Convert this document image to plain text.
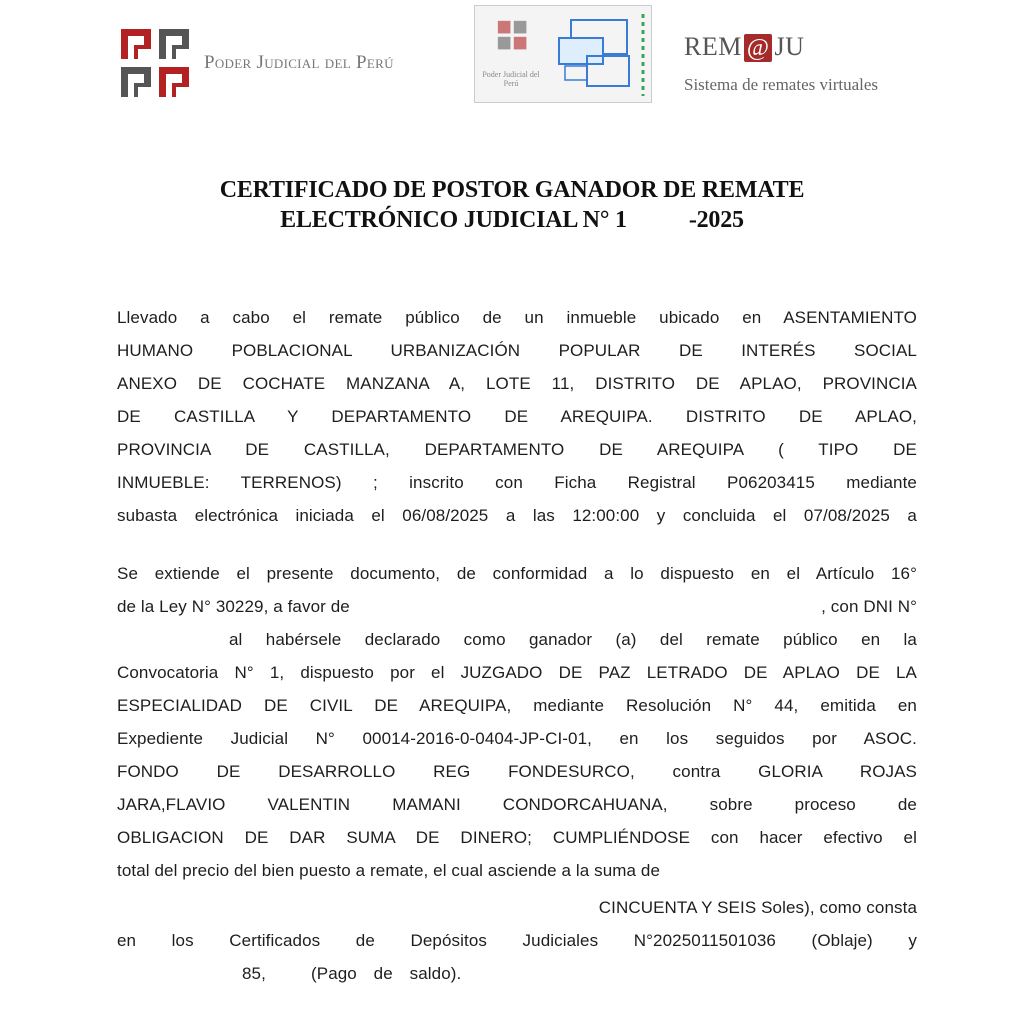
Poder Judicial del Perú
Poder Judicial del Perú
REM @ JU
Sistema de remates virtuales
CERTIFICADO DE POSTOR GANADOR DE REMATE
ELECTRÓNICO JUDICIAL N° 1	-2025
Llevado a cabo el remate público de un inmueble ubicado en ASENTAMIENTO
HUMANO POBLACIONAL URBANIZACIÓN POPULAR DE INTERÉS SOCIAL
ANEXO DE COCHATE MANZANA A, LOTE 11, DISTRITO DE APLAO, PROVINCIA
DE CASTILLA Y DEPARTAMENTO DE AREQUIPA. DISTRITO DE APLAO,
PROVINCIA DE CASTILLA, DEPARTAMENTO DE AREQUIPA ( TIPO DE
INMUEBLE: TERRENOS) ; inscrito con Ficha Registral P06203415 mediante
subasta electrónica iniciada el 06/08/2025 a las 12:00:00 y concluida el 07/08/2025 a
Se extiende el presente documento, de conformidad a lo dispuesto en el Artículo 16°
de la Ley N° 30229, a favor de	, con DNI N°
al habérsele declarado como ganador (a) del remate público en la
Convocatoria N° 1, dispuesto por el JUZGADO DE PAZ LETRADO DE APLAO DE LA
ESPECIALIDAD DE CIVIL DE AREQUIPA, mediante Resolución N° 44, emitida en
Expediente Judicial N° 00014-2016-0-0404-JP-CI-01, en los seguidos por ASOC.
FONDO DE DESARROLLO REG FONDESURCO, contra GLORIA ROJAS
JARA,FLAVIO VALENTIN MAMANI CONDORCAHUANA, sobre proceso de
OBLIGACION DE DAR SUMA DE DINERO; CUMPLIÉNDOSE con hacer efectivo el
total del precio del bien puesto a remate, el cual asciende a la suma de
CINCUENTA Y SEIS Soles), como consta
en los Certificados de Depósitos Judiciales N°2025011501036 (Oblaje) y
85,	(Pago de saldo).
